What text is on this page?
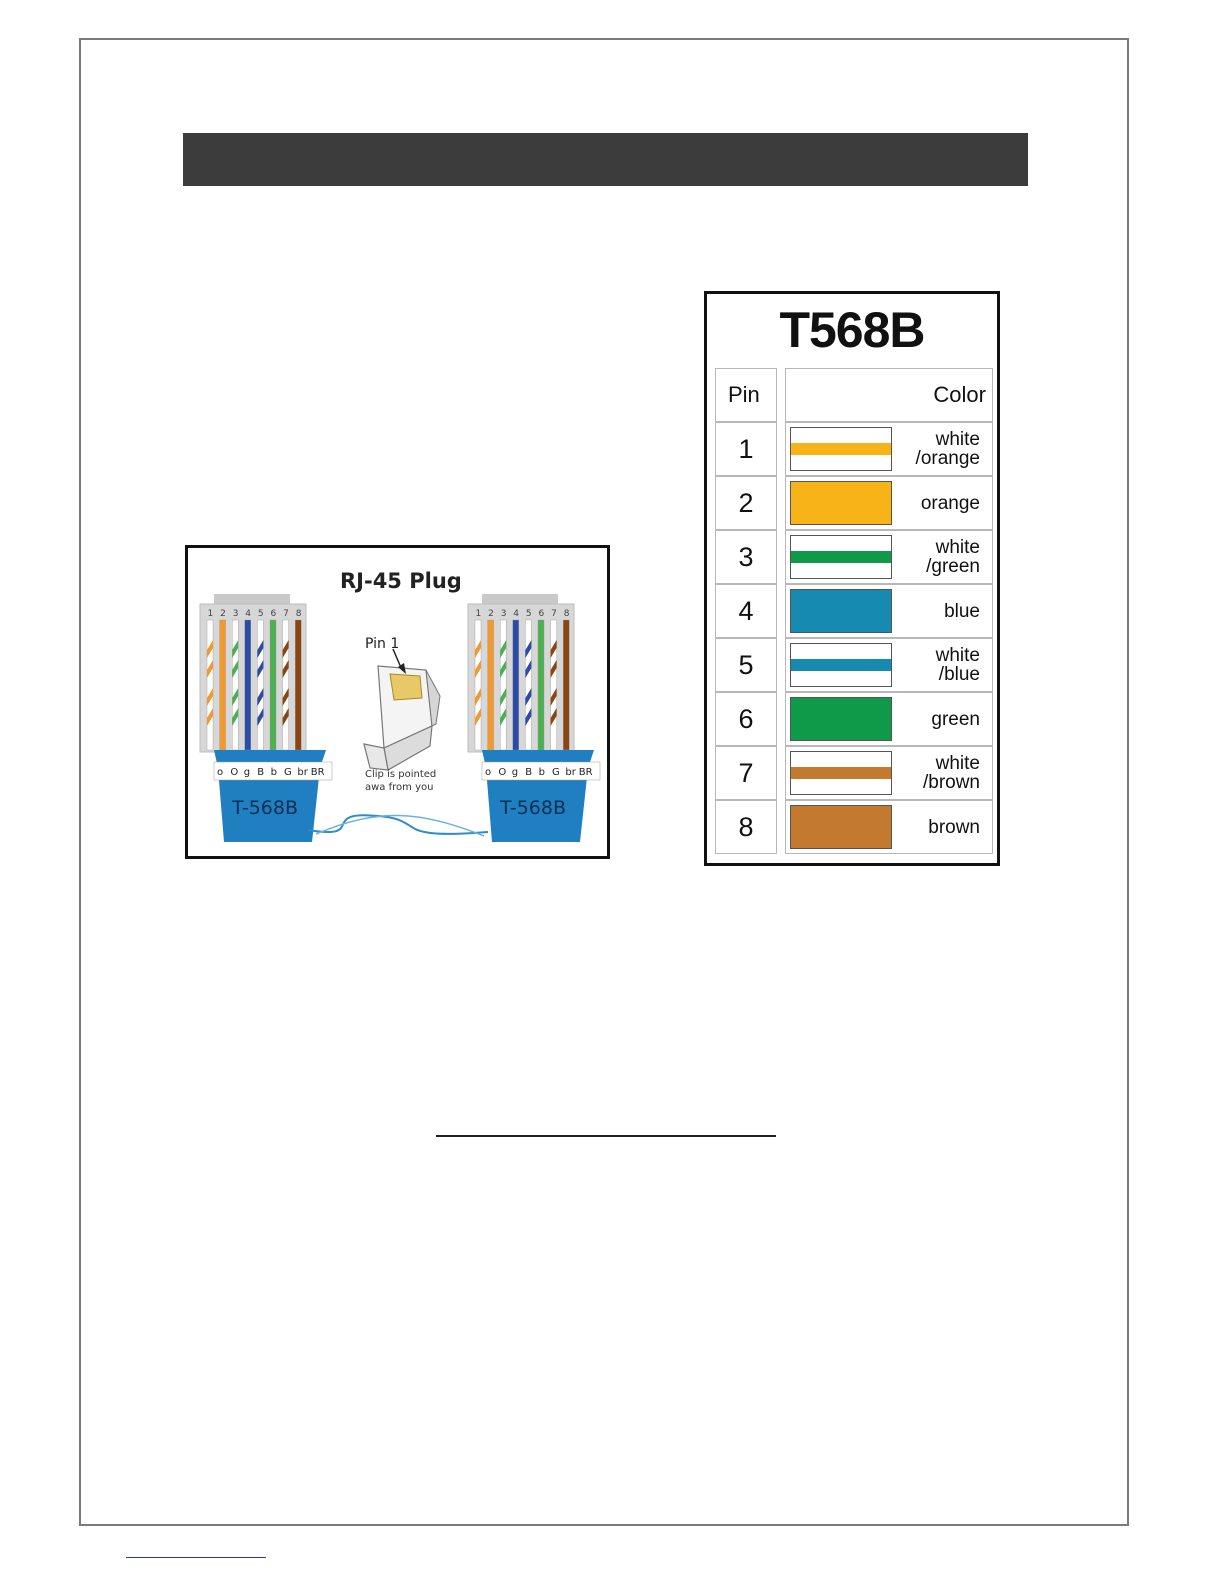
RJ-45 Plug
1 2 3 4 5 6 7 8
o O g B b G br BR
T-568B
1 2 3 4 5 6 7 8
o O g B b G br BR
T-568B
Pin 1
Clip is pointed
awa from you
T568B
Pin	Color
1	white
/orange
2	orange
3	white
/green
4	blue
5	white
/blue
6	green
7	white
/brown
8	brown
